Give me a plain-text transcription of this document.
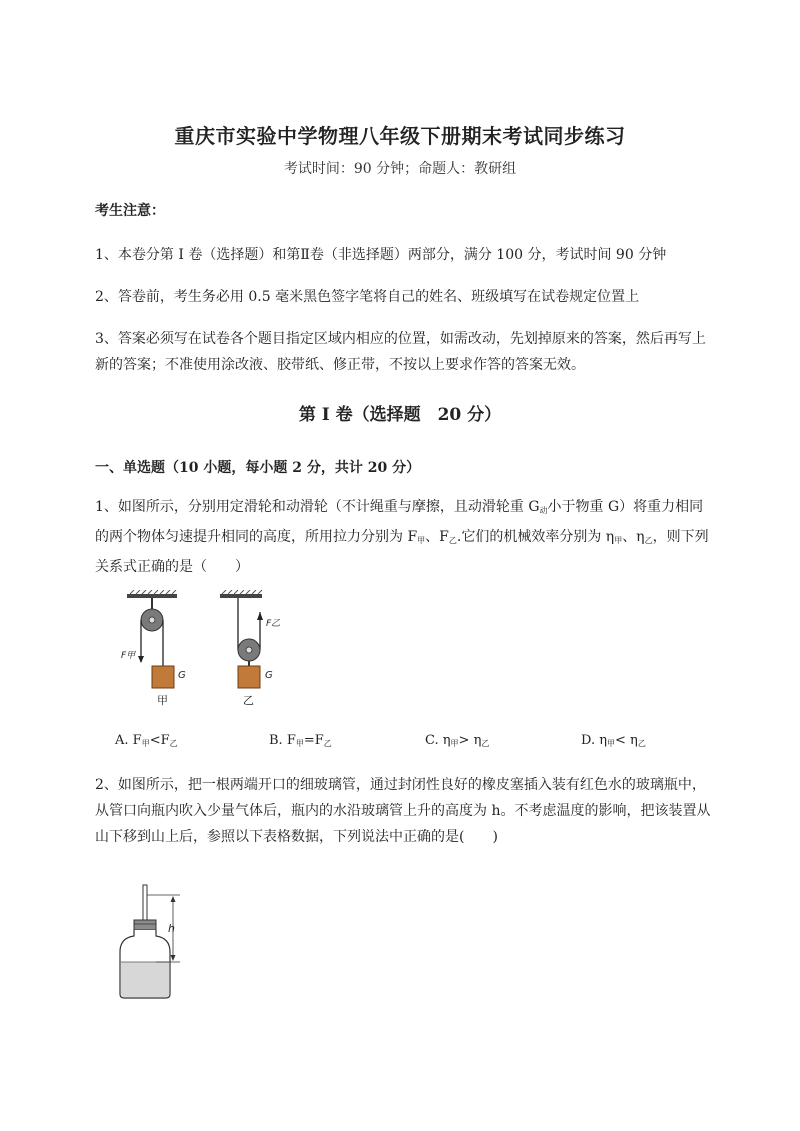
重庆市实验中学物理八年级下册期末考试同步练习
考试时间：90 分钟；命题人：教研组
考生注意：
1、本卷分第 I 卷（选择题）和第Ⅱ卷（非选择题）两部分，满分 100 分，考试时间 90 分钟
2、答卷前，考生务必用 0.5 毫米黑色签字笔将自己的姓名、班级填写在试卷规定位置上
3、答案必须写在试卷各个题目指定区域内相应的位置，如需改动，先划掉原来的答案，然后再写上新的答案；不准使用涂改液、胶带纸、修正带，不按以上要求作答的答案无效。
第 I 卷（选择题　20 分）
一、单选题（10 小题，每小题 2 分，共计 20 分）
1、如图所示，分别用定滑轮和动滑轮（不计绳重与摩擦，且动滑轮重 $G_动$小于物重 G）将重力相同的两个物体匀速提升相同的高度，所用拉力分别为 $F_甲$、$F_乙$.它们的机械效率分别为 $\eta_甲$、$\eta_乙$，则下列关系式正确的是（　　）
F甲
G
甲
F乙
G
乙
A. $F_甲<F_乙$	B. $F_甲=F_乙$	C. $\eta_甲> \eta_乙$	D. $\eta_甲< \eta_乙$
2、如图所示，把一根两端开口的细玻璃管，通过封闭性良好的橡皮塞插入装有红色水的玻璃瓶中，从管口向瓶内吹入少量气体后，瓶内的水沿玻璃管上升的高度为 h。不考虑温度的影响，把该装置从山下移到山上后，参照以下表格数据，下列说法中正确的是(　　)
h
